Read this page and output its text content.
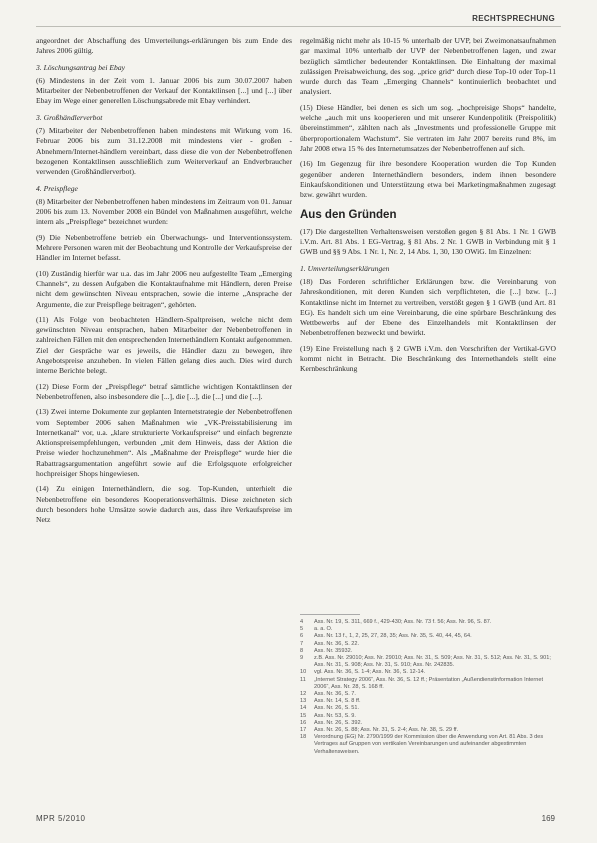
RECHTSPRECHUNG

angeordnet der Abschaffung des Umverteilungs-erklärungen bis zum Ende des Jahres 2006 gültig.

3. Löschungsantrag bei Ebay

(6) Mindestens in der Zeit vom 1. Januar 2006 bis zum 30.07.2007 haben Mitarbeiter der Nebenbetroffenen der Verkauf der Kontaktlinsen [...] und [...] über Ebay im Wege einer generellen Löschungsabrede mit Ebay verhindert.

3. Großhändlerverbot

(7) Mitarbeiter der Nebenbetroffenen haben mindestens mit Wirkung vom 16. Februar 2006 bis zum 31.12.2008 mit mindestens vier - großen - Abnehmern/Internet-händlern vereinbart, dass diese die von der Nebenbetroffenen bezogenen Kontaktlinsen ausschließlich zum Weiterverkauf an Endverbraucher verwenden (Großhändlerverbot).

4. Preispflege

(8) Mitarbeiter der Nebenbetroffenen haben mindestens im Zeitraum von 01. Januar 2006 bis zum 13. November 2008 ein Bündel von Maßnahmen ausgeführt, welche intern als „Preispflege“ bezeichnet wurden:

(9) Die Nebenbetroffene betrieb ein Überwachungs- und Interventionssystem. Mehrere Personen waren mit der Beobachtung und Kontrolle der Verkaufspreise der Händler im Internet befasst.

(10) Zuständig hierfür war u.a. das im Jahr 2006 neu aufgestellte Team „Emerging Channels“, zu dessen Aufgaben die Kontaktaufnahme mit Händlern, deren Preise nicht dem gewünschten Niveau entsprachen, sowie die interne „Ansprache der Argumente, die zur Preispflege beitragen“, gehörten.

(11) Als Folge von beobachteten Händlern-Spaltpreisen, welche nicht dem gewünschten Niveau entsprachen, haben Mitarbeiter der Nebenbetroffenen in zahlreichen Fällen mit den entsprechenden Internethändlern Kontakt aufgenommen. Ziel der Gespräche war es jeweils, die Händler dazu zu bewegen, ihre Angebotspreise anzuheben. In vielen Fällen gelang dies auch. Dies wird durch interne Berichte belegt.

(12) Diese Form der „Preispflege“ betraf sämtliche wichtigen Kontaktlinsen der Nebenbetroffenen, also insbesondere die [...], die [...], die [...] und die [...].

(13) Zwei interne Dokumente zur geplanten Internetstrategie der Nebenbetroffenen vom September 2006 sahen Maßnahmen wie „VK-Preisstabilisierung im Internetkanal“ vor, u.a. „klare strukturierte Vorkaufspreise“ und einfach begrenzte Aktionspreisempfehlungen, verbunden „mit dem Hinweis, dass der Aktion die Preise wieder hochzunehmen“. Als „Maßnahme der Preispflege“ wurde hier die Rabattragsargumentation angeführt sowie auf die Erfolgsquote erfolgreicher hochpreisiger Shops hingewiesen.

(14) Zu einigen Internethändlern, die sog. Top-Kunden, unterhielt die Nebenbetroffene ein besonderes Kooperationsverhältnis. Diese zeichneten sich durch besonders hohe Umsätze sowie dadurch aus, dass ihre Verkaufspreise im Netz

regelmäßig nicht mehr als 10-15 % unterhalb der UVP, bei Zweimonatsaufnahmen gar maximal 10% unterhalb der UVP der Nebenbetroffenen lagen, und zwar bezüglich sämtlicher bedeutender Kontaktlinsen. Die Einhaltung der maximal zulässigen Preisabweichung, des sog. „price grid“ durch diese Top-10 oder Top-11 wurde durch das Team „Emerging Channels“ kontinuierlich beobachtet und analysiert.

(15) Diese Händler, bei denen es sich um sog. „hochpreisige Shops“ handelte, welche „auch mit uns kooperieren und mit unserer Kundenpolitik (Preispolitik) übereinstimmen“, zählten nach als „Investments und professionelle Gruppe mit überproportionalem Wachstum“. Sie vertraten im Jahr 2007 bereits rund 8%, im Jahr 2008 etwa 15 % des Internetumsatzes der Nebenbetroffenen auf sich.

(16) Im Gegenzug für ihre besondere Kooperation wurden die Top Kunden gegenüber anderen Internethändlern besonders, indem ihnen besondere Einkaufskonditionen und Unterstützung etwa bei Marketingmaßnahmen zugesagt bzw. gewährt wurden.

Aus den Gründen

(17) Die dargestellten Verhaltensweisen verstoßen gegen § 81 Abs. 1 Nr. 1 GWB i.V.m. Art. 81 Abs. 1 EG-Vertrag, § 81 Abs. 2 Nr. 1 GWB in Verbindung mit § 1 GWB und §§ 9 Abs. 1 Nr. 1, Nr. 2, 14 Abs. 1, 30, 130 OWiG. Im Einzelnen:

1. Umverteilungserklärungen

(18) Das Forderen schriftlicher Erklärungen bzw. die Vereinbarung von Jahreskonditionen, mit deren Kunden sich verpflichteten, die [...] bzw. [...] Kontaktlinse nicht im Internet zu vertreiben, verstößt gegen § 1 GWB (und Art. 81 EG). Es handelt sich um eine Vereinbarung, die eine spürbare Beschränkung des Wettbewerbs auf der Ebene des Einzelhandels mit Kontaktlinsen der Nebenbetroffenen bezweckt und bewirkt.

(19) Eine Freistellung nach § 2 GWB i.V.m. den Vorschriften der Vertikal-GVO kommt nicht in Betracht. Die Beschränkung des Internethandels stellt eine Kernbeschränkung

4	Ass. Nr. 19, S. 311, 669 f., 429-430; Ass. Nr. 73 f. 56; Ass. Nr. 96, S. 87.
5	a. a. O.
6	Ass. Nr. 13 f., 1, 2, 25, 27, 28, 35; Ass. Nr. 35, S. 40, 44, 45, 64.
7	Ass. Nr. 36, S. 22.
8	Ass. Nr. 35932.
9	z.B. Ass. Nr. 29010; Ass. Nr. 29010; Ass. Nr. 31, S. 509; Ass. Nr. 31, S. 512; Ass. Nr. 31, S. 901; Ass. Nr. 31, S. 908; Ass. Nr. 31, S. 910; Ass. Nr. 242835.
10	vgl. Ass. Nr. 36, S. 1-4; Ass. Nr. 36, S. 12-14.
11	„Internet Strategy 2006“, Ass. Nr. 36, S. 12 ff.; Präsentation „Außendienstinformation Internet 2006“, Ass. Nr. 28, S. 168 ff.
12	Ass. Nr. 36, S. 7.
13	Ass. Nr. 14, S. 8 ff.
14	Ass. Nr. 26, S. 51.
15	Ass. Nr. 53, S. 9.
16	Ass. Nr. 26, S. 392.
17	Ass. Nr. 26, S. 88; Ass. Nr. 31, S. 2-4; Ass. Nr. 38, S. 29 ff.
18	Verordnung (EG) Nr. 2790/1999 der Kommission über die Anwendung von Art. 81 Abs. 3 des Vertrages auf Gruppen von vertikalen Vereinbarungen und aufeinander abgestimmten Verhaltensweisen.
MPR 5/2010	169
